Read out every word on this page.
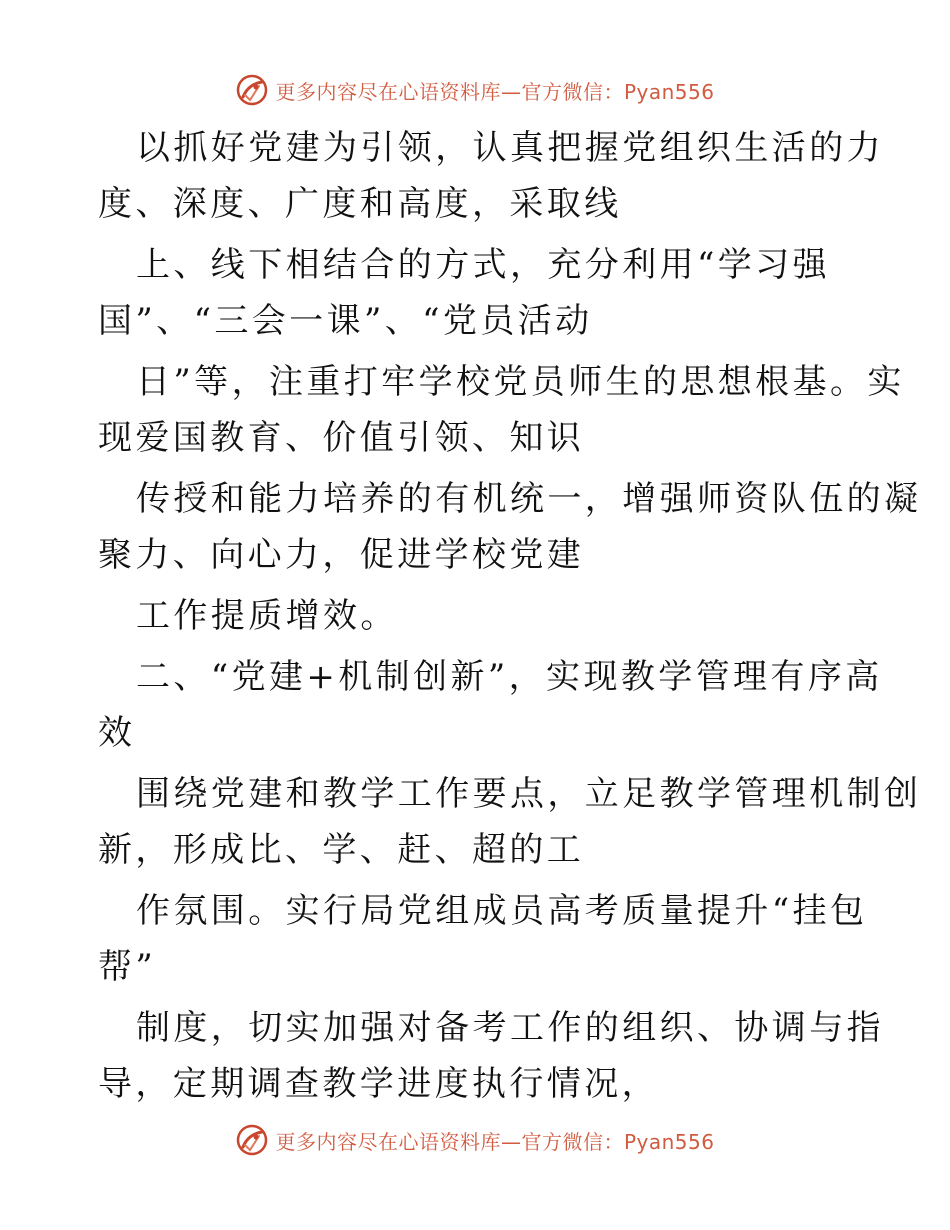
更多内容尽在心语资料库—官方微信：Pyan556
以抓好党建为引领，认真把握党组织生活的力
度、深度、广度和高度，采取线
上、线下相结合的方式，充分利用“学习强
国”、“三会一课”、“党员活动
日”等，注重打牢学校党员师生的思想根基。实
现爱国教育、价值引领、知识
传授和能力培养的有机统一，增强师资队伍的凝
聚力、向心力，促进学校党建
工作提质增效。
二、“党建+机制创新”，实现教学管理有序高
效
围绕党建和教学工作要点，立足教学管理机制创
新，形成比、学、赶、超的工
作氛围。实行局党组成员高考质量提升“挂包
帮”
制度，切实加强对备考工作的组织、协调与指
导，定期调查教学进度执行情况，
更多内容尽在心语资料库—官方微信：Pyan556
